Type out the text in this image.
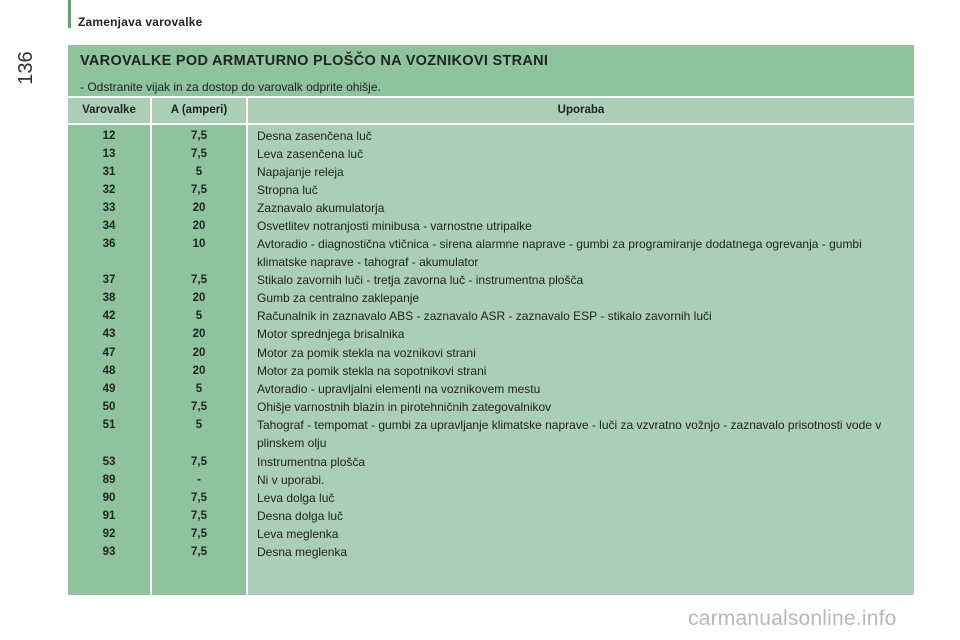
Zamenjava varovalke
136	VAROVALKE POD ARMATURNO PLOŠČO NA VOZNIKOVI STRANI
- Odstranite vijak in za dostop do varovalk odprite ohišje.
Varovalke	A (amperi)	Uporaba
12	7,5	Desna zasenčena luč
13	7,5	Leva zasenčena luč
31	5	Napajanje releja
32	7,5	Stropna luč
33	20	Zaznavalo akumulatorja
34	20	Osvetlitev notranjosti minibusa - varnostne utripalke
36	10	Avtoradio - diagnostična vtičnica - sirena alarmne naprave - gumbi za programiranje dodatnega ogrevanja - gumbi klimatske naprave - tahograf - akumulator
37	7,5	Stikalo zavornih luči - tretja zavorna luč - instrumentna plošča
38	20	Gumb za centralno zaklepanje
42	5	Računalnik in zaznavalo ABS - zaznavalo ASR - zaznavalo ESP - stikalo zavornih luči
43	20	Motor sprednjega brisalnika
47	20	Motor za pomik stekla na voznikovi strani
48	20	Motor za pomik stekla na sopotnikovi strani
49	5	Avtoradio - upravljalni elementi na voznikovem mestu
50	7,5	Ohišje varnostnih blazin in pirotehničnih zategovalnikov
51	5	Tahograf - tempomat - gumbi za upravljanje klimatske naprave - luči za vzvratno vožnjo - zaznavalo prisotnosti vode v plinskem olju
53	7,5	Instrumentna plošča
89	-	Ni v uporabi.
90	7,5	Leva dolga luč
91	7,5	Desna dolga luč
92	7,5	Leva meglenka
93	7,5	Desna meglenka
carmanualsonline.info
